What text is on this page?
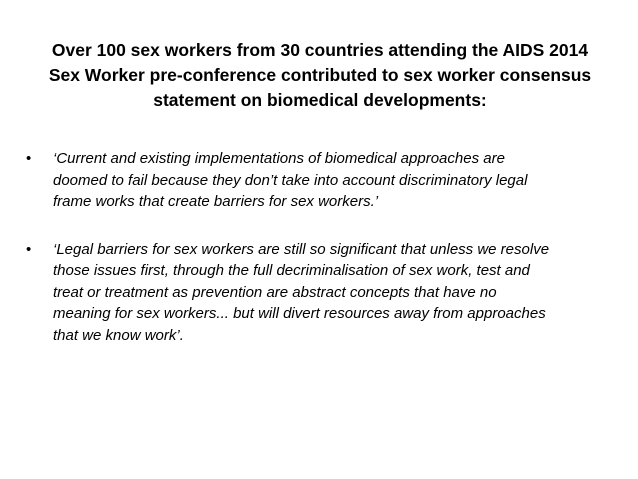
Over 100 sex workers from 30 countries attending the AIDS 2014
Sex Worker pre-conference contributed to sex worker consensus
statement on biomedical developments:
• ‘Current and existing implementations of biomedical approaches are
doomed to fail because they don’t take into account discriminatory legal
frame works that create barriers for sex workers.’
• ‘Legal barriers for sex workers are still so significant that unless we resolve
those issues first, through the full decriminalisation of sex work, test and
treat or treatment as prevention are abstract concepts that have no
meaning for sex workers... but will divert resources away from approaches
that we know work’.
